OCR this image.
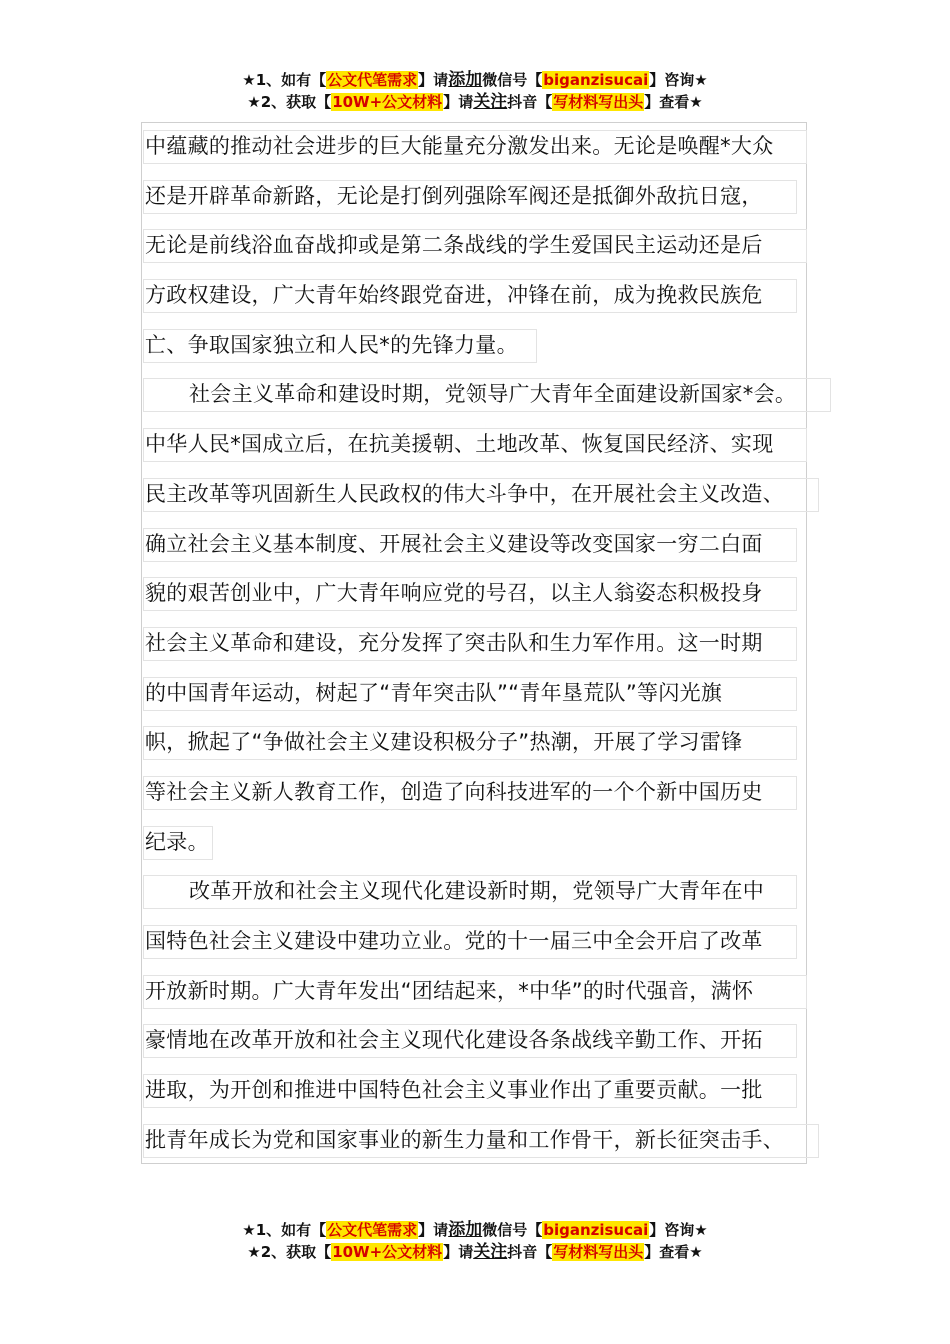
★1、如有【公文代笔需求】请添加微信号【biganzisucai】咨询★
★2、获取【10W+公文材料】请关注抖音【写材料写出头】查看★
中蕴藏的推动社会进步的巨大能量充分激发出来。无论是唤醒*大众
还是开辟革命新路，无论是打倒列强除军阀还是抵御外敌抗日寇，
无论是前线浴血奋战抑或是第二条战线的学生爱国民主运动还是后
方政权建设，广大青年始终跟党奋进，冲锋在前，成为挽救民族危
亡、争取国家独立和人民*的先锋力量。
社会主义革命和建设时期，党领导广大青年全面建设新国家*会。
中华人民*国成立后，在抗美援朝、土地改革、恢复国民经济、实现
民主改革等巩固新生人民政权的伟大斗争中，在开展社会主义改造、
确立社会主义基本制度、开展社会主义建设等改变国家一穷二白面
貌的艰苦创业中，广大青年响应党的号召，以主人翁姿态积极投身
社会主义革命和建设，充分发挥了突击队和生力军作用。这一时期
的中国青年运动，树起了“青年突击队”“青年垦荒队”等闪光旗
帜，掀起了“争做社会主义建设积极分子”热潮，开展了学习雷锋
等社会主义新人教育工作，创造了向科技进军的一个个新中国历史
纪录。
改革开放和社会主义现代化建设新时期，党领导广大青年在中
国特色社会主义建设中建功立业。党的十一届三中全会开启了改革
开放新时期。广大青年发出“团结起来，*中华”的时代强音，满怀
豪情地在改革开放和社会主义现代化建设各条战线辛勤工作、开拓
进取，为开创和推进中国特色社会主义事业作出了重要贡献。一批
批青年成长为党和国家事业的新生力量和工作骨干，新长征突击手、
★1、如有【公文代笔需求】请添加微信号【biganzisucai】咨询★
★2、获取【10W+公文材料】请关注抖音【写材料写出头】查看★
